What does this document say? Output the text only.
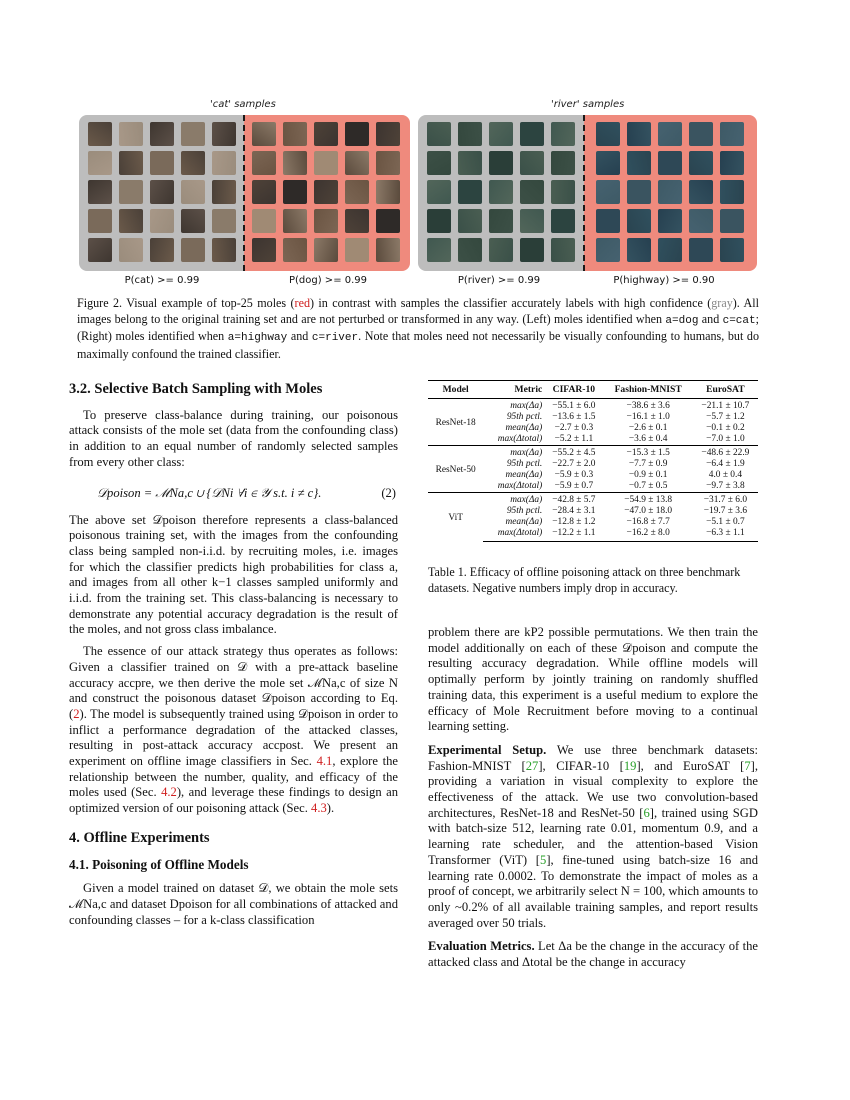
'cat' samples	'river' samples
P(cat) >= 0.99	P(dog) >= 0.99	P(river) >= 0.99	P(highway) >= 0.90
Figure 2. Visual example of top-25 moles (red) in contrast with samples the classifier accurately labels with high confidence (gray). All images belong to the original training set and are not perturbed or transformed in any way. (Left) moles identified when a=dog and c=cat; (Right) moles identified when a=highway and c=river. Note that moles need not necessarily be visually confounding to humans, but do maximally confound the trained classifier.
3.2. Selective Batch Sampling with Moles

To preserve class-balance during training, our poisonous attack consists of the mole set (data from the confounding class) in addition to an equal number of randomly selected samples from every other class:

𝒟poison = ℳNa,c ∪ {𝒟Ni ∀i ∈ 𝒴 s.t. i ≠ c}.	(2)

The above set 𝒟poison therefore represents a class-balanced poisonous training set, with the images from the confounding class being sampled non-i.i.d. by recruiting moles, i.e. images for which the classifier predicts high probabilities for class a, and images from all other k−1 classes sampled uniformly and i.i.d. from the training set. This class-balancing is necessary to demonstrate any potential accuracy degradation is the result of the moles, and not gross class imbalance.

The essence of our attack strategy thus operates as follows: Given a classifier trained on 𝒟 with a pre-attack baseline accuracy accpre, we then derive the mole set ℳNa,c of size N and construct the poisonous dataset 𝒟poison according to Eq. (2). The model is subsequently trained using 𝒟poison in order to inflict a performance degradation of the attacked classes, resulting in post-attack accuracy accpost. We present an experiment on offline image classifiers in Sec. 4.1, explore the relationship between the number, quality, and efficacy of the moles used (Sec. 4.2), and leverage these findings to design an optimized version of our poisoning attack (Sec. 4.3).

4. Offline Experiments
4.1. Poisoning of Offline Models

Given a model trained on dataset 𝒟, we obtain the mole sets ℳNa,c and dataset Dpoison for all combinations of attacked and confounding classes – for a k-class classification

Model	Metric	CIFAR-10	Fashion-MNIST	EuroSAT
ResNet-18	max(Δa)	−55.1 ± 6.0	−38.6 ± 3.6	−21.1 ± 10.7
	95th pctl.	−13.6 ± 1.5	−16.1 ± 1.0	−5.7 ± 1.2
	mean(Δa)	−2.7 ± 0.3	−2.6 ± 0.1	−0.1 ± 0.2
	max(Δtotal)	−5.2 ± 1.1	−3.6 ± 0.4	−7.0 ± 1.0
ResNet-50	max(Δa)	−55.2 ± 4.5	−15.3 ± 1.5	−48.6 ± 22.9
	95th pctl.	−22.7 ± 2.0	−7.7 ± 0.9	−6.4 ± 1.9
	mean(Δa)	−5.9 ± 0.3	−0.9 ± 0.1	4.0 ± 0.4
	max(Δtotal)	−5.9 ± 0.7	−0.7 ± 0.5	−9.7 ± 3.8
ViT	max(Δa)	−42.8 ± 5.7	−54.9 ± 13.8	−31.7 ± 6.0
	95th pctl.	−28.4 ± 3.1	−47.0 ± 18.0	−19.7 ± 3.6
	mean(Δa)	−12.8 ± 1.2	−16.8 ± 7.7	−5.1 ± 0.7
	max(Δtotal)	−12.2 ± 1.1	−16.2 ± 8.0	−6.3 ± 1.1
Table 1. Efficacy of offline poisoning attack on three benchmark datasets. Negative numbers imply drop in accuracy.

problem there are kP2 possible permutations. We then train the model additionally on each of these 𝒟poison and compute the resulting accuracy degradation. While offline models will optimally perform by jointly training on randomly shuffled training data, this experiment is a useful medium to explore the efficacy of Mole Recruitment before moving to a continual learning setting.

Experimental Setup. We use three benchmark datasets: Fashion-MNIST [27], CIFAR-10 [19], and EuroSAT [7], providing a variation in visual complexity to explore the effectiveness of the attack. We use two convolution-based architectures, ResNet-18 and ResNet-50 [6], trained using SGD with batch-size 512, learning rate 0.01, momentum 0.9, and a learning rate scheduler, and the attention-based Vision Transformer (ViT) [5], fine-tuned using batch-size 16 and learning rate 0.0002. To demonstrate the impact of moles as a proof of concept, we arbitrarily select N = 100, which amounts to only ~0.2% of all available training samples, and report results averaged over 50 trials.

Evaluation Metrics. Let Δa be the change in the accuracy of the attacked class and Δtotal be the change in accuracy
